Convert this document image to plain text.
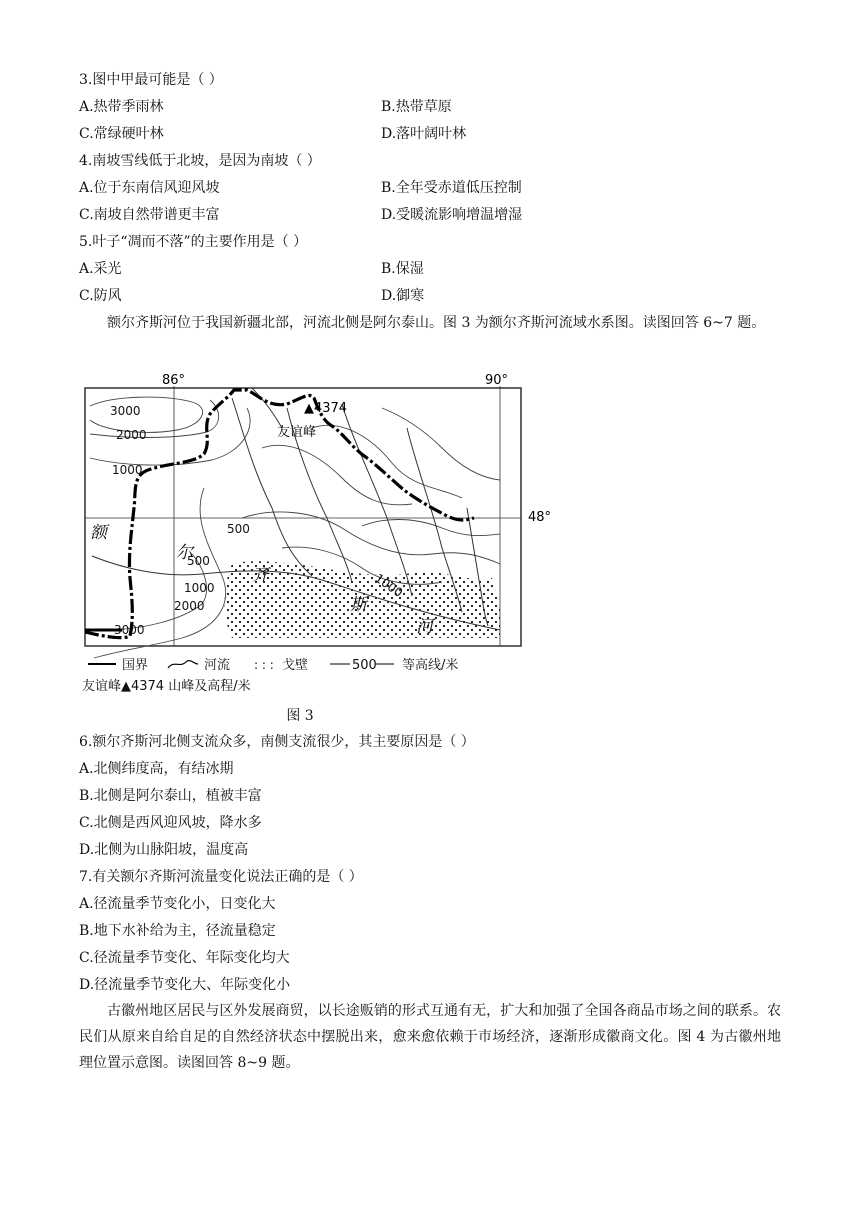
3.图中甲最可能是（ ）
A.热带季雨林	B.热带草原
C.常绿硬叶林	D.落叶阔叶林
4.南坡雪线低于北坡，是因为南坡（ ）
A.位于东南信风迎风坡	B.全年受赤道低压控制
C.南坡自然带谱更丰富	D.受暖流影响增温增湿
5.叶子“凋而不落”的主要作用是（ ）
A.采光	B.保湿
C.防风	D.御寒
额尔齐斯河位于我国新疆北部，河流北侧是阿尔泰山。图 3 为额尔齐斯河流域水系图。读图回答 6~7 题。
86°	90°
48°
3000
2000
1000
500
500
1000
2000
3000
1000
友谊峰
▲4374
额
尔
齐
斯
河
国界	河流 : : : 戈壁	500 等高线/米
友谊峰▲4374 山峰及高程/米
图 3
6.额尔齐斯河北侧支流众多，南侧支流很少，其主要原因是（ ）
A.北侧纬度高，有结冰期
B.北侧是阿尔泰山，植被丰富
C.北侧是西风迎风坡，降水多
D.北侧为山脉阳坡，温度高
7.有关额尔齐斯河流量变化说法正确的是（ ）
A.径流量季节变化小，日变化大
B.地下水补给为主，径流量稳定
C.径流量季节变化、年际变化均大
D.径流量季节变化大、年际变化小
古徽州地区居民与区外发展商贸，以长途贩销的形式互通有无，扩大和加强了全国各商品市场之间的联系。农民们从原来自给自足的自然经济状态中摆脱出来，愈来愈依赖于市场经济，逐渐形成徽商文化。图 4 为古徽州地理位置示意图。读图回答 8~9 题。
